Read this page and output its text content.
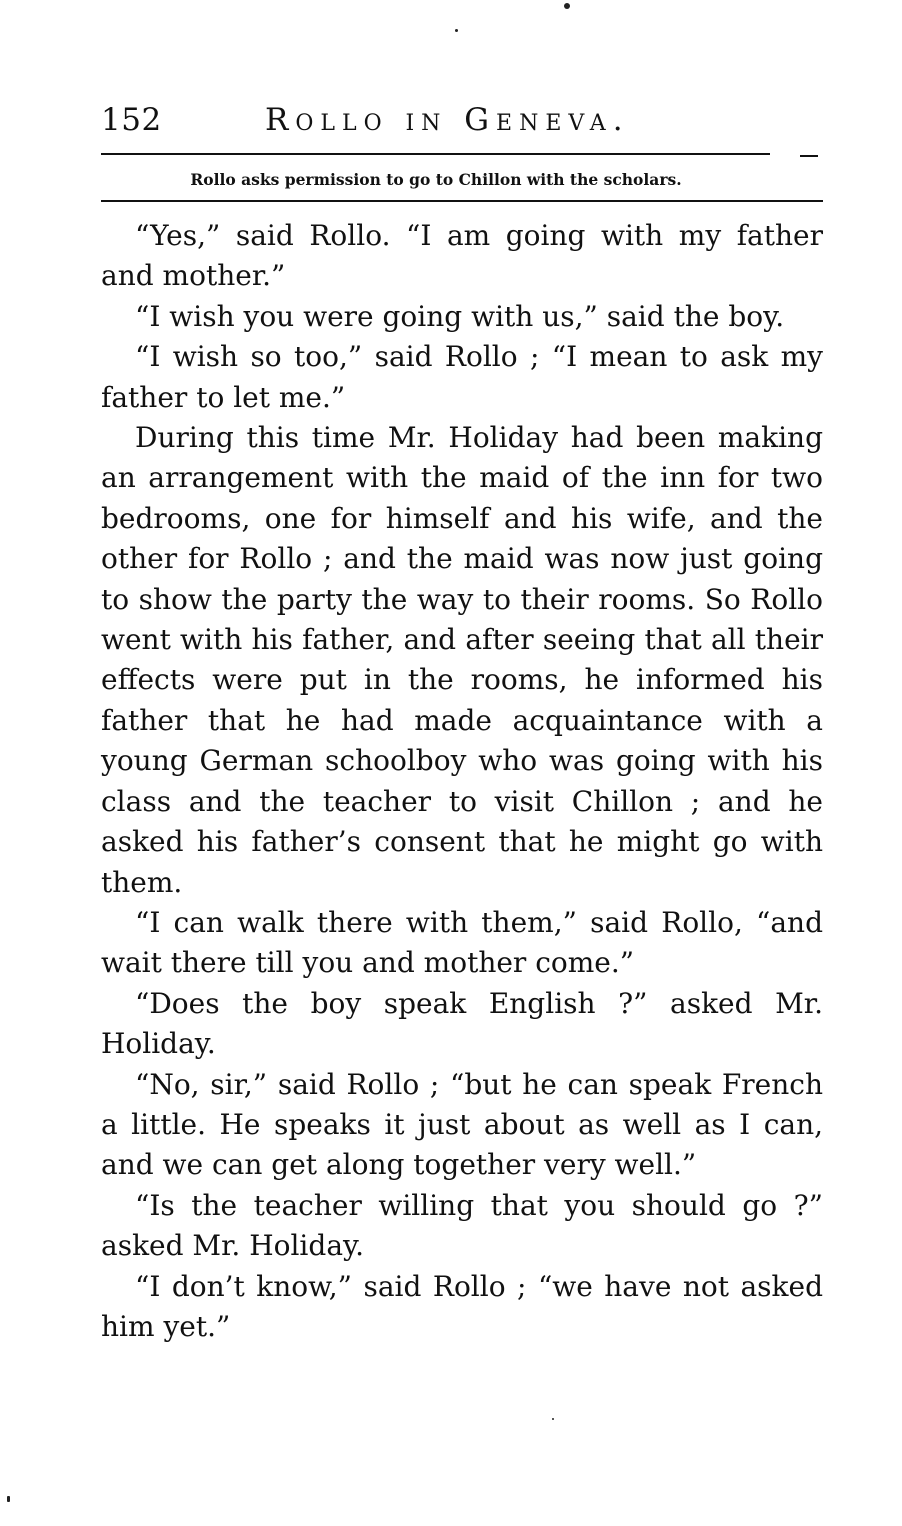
152	Rollo in Geneva.
Rollo asks permission to go to Chillon with the scholars.

“Yes,” said Rollo. “I am going with my father and mother.”

“I wish you were going with us,” said the boy.

“I wish so too,” said Rollo ; “I mean to ask my father to let me.”

During this time Mr. Holiday had been making an arrangement with the maid of the inn for two bedrooms, one for himself and his wife, and the other for Rollo ; and the maid was now just going to show the party the way to their rooms. So Rollo went with his father, and after seeing that all their effects were put in the rooms, he informed his father that he had made acquaintance with a young German schoolboy who was going with his class and the teacher to visit Chillon ; and he asked his father’s consent that he might go with them.

“I can walk there with them,” said Rollo, “and wait there till you and mother come.”

“Does the boy speak English ?” asked Mr. Holiday.

“No, sir,” said Rollo ; “but he can speak French a little. He speaks it just about as well as I can, and we can get along together very well.”

“Is the teacher willing that you should go ?” asked Mr. Holiday.

“I don’t know,” said Rollo ; “we have not asked him yet.”
